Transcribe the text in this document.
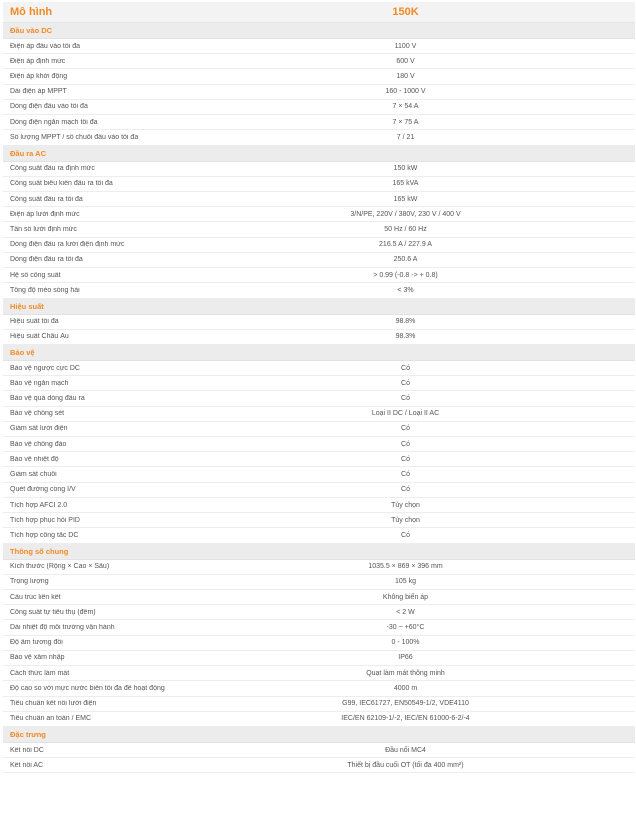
Mô hình	150K
Đầu vào DC
Điện áp đầu vào tối đa	1100 V
Điện áp định mức	600 V
Điện áp khởi động	180 V
Dải điện áp MPPT	160 - 1000 V
Dòng điện đầu vào tối đa	7 × 54 A
Dòng điện ngắn mạch tối đa	7 × 75 A
Số lượng MPPT / số chuỗi đầu vào tối đa	7 / 21
Đầu ra AC
Công suất đầu ra định mức	150 kW
Công suất biểu kiến đầu ra tối đa	165 kVA
Công suất đầu ra tối đa	165 kW
Điện áp lưới định mức	3/N/PE, 220V / 380V, 230 V / 400 V
Tần số lưới định mức	50 Hz / 60 Hz
Dòng điện đầu ra lưới điện định mức	216.5 A / 227.9 A
Dòng điện đầu ra tối đa	250.6 A
Hệ số công suất	> 0.99 (-0.8 -> + 0.8)
Tổng độ méo sóng hài	< 3%
Hiệu suất
Hiệu suất tối đa	98.8%
Hiệu suất Châu Âu	98.3%
Bảo vệ
Bảo vệ ngược cực DC	Có
Bảo vệ ngắn mạch	Có
Bảo vệ quá dòng đầu ra	Có
Bảo vệ chống sét	Loại II DC / Loại II AC
Giám sát lưới điện	Có
Bảo vệ chống đảo	Có
Bảo vệ nhiệt độ	Có
Giám sát chuỗi	Có
Quét đường cong I/V	Có
Tích hợp AFCI 2.0	Tùy chọn
Tích hợp phục hồi PID	Tùy chọn
Tích hợp công tắc DC	Có
Thông số chung
Kích thước (Rộng × Cao × Sâu)	1035.5 × 869 × 396 mm
Trọng lượng	105 kg
Cấu trúc liên kết	Không biến áp
Công suất tự tiêu thụ (đêm)	< 2 W
Dải nhiệt độ môi trường vận hành	-30 ~ +60°C
Độ ẩm tương đối	0 - 100%
Bảo vệ xâm nhập	IP66
Cách thức làm mát	Quạt làm mát thông minh
Độ cao so với mực nước biển tối đa để hoạt động	4000 m
Tiêu chuẩn kết nối lưới điện	G99, IEC61727, EN50549-1/2, VDE4110
Tiêu chuẩn an toàn / EMC	IEC/EN 62109-1/-2, IEC/EN 61000-6-2/-4
Đặc trưng
Kết nối DC	Đầu nối MC4
Kết nối AC	Thiết bị đầu cuối OT (tối đa 400 mm²)
